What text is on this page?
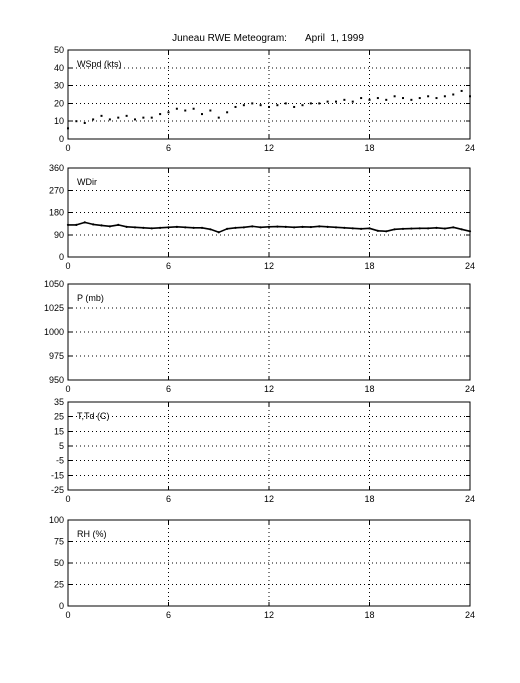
Juneau RWE Meteogram: April  1, 1999
0
10
20
30
40
50
0	6	12	18	24
WSpd (kts)
0
90
180
270
360
0	6	12	18	24
WDir
950
975
1000
1025
1050
0	6	12	18	24
P (mb)
-25
-15
-5
5
15
25
35
0	6	12	18	24
T,Td (C)
0
25
50
75
100
0	6	12	18	24
RH (%)
